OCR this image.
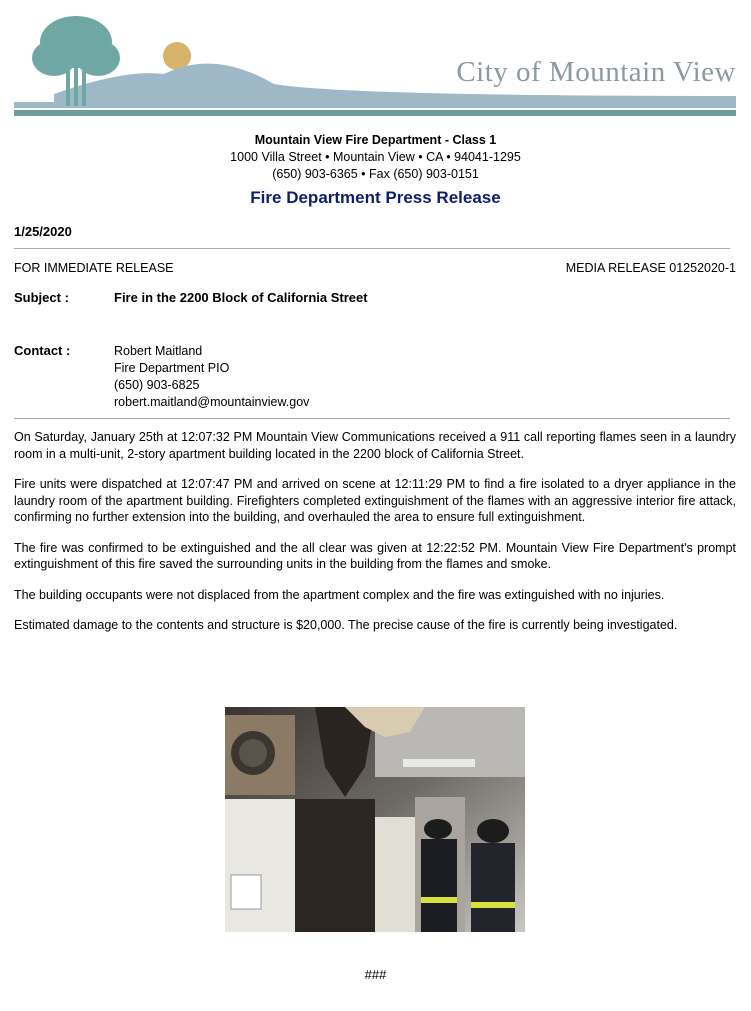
City of Mountain View
Mountain View Fire Department - Class 1
1000 Villa Street • Mountain View • CA • 94041-1295
(650) 903-6365 • Fax (650) 903-0151
Fire Department Press Release
1/25/2020
FOR IMMEDIATE RELEASE	MEDIA RELEASE 01252020-1
Subject :	Fire in the 2200 Block of California Street
Contact :	Robert Maitland
Fire Department PIO
(650) 903-6825
robert.maitland@mountainview.gov

On Saturday, January 25th at 12:07:32 PM Mountain View Communications received a 911 call reporting flames seen in a laundry room in a multi-unit, 2-story apartment building located in the 2200 block of California Street.

Fire units were dispatched at 12:07:47 PM and arrived on scene at 12:11:29 PM to find a fire isolated to a dryer appliance in the laundry room of the apartment building. Firefighters completed extinguishment of the flames with an aggressive interior fire attack, confirming no further extension into the building, and overhauled the area to ensure full extinguishment.

The fire was confirmed to be extinguished and the all clear was given at 12:22:52 PM. Mountain View Fire Department's prompt extinguishment of this fire saved the surrounding units in the building from the flames and smoke.

The building occupants were not displaced from the apartment complex and the fire was extinguished with no injuries.

Estimated damage to the contents and structure is $20,000. The precise cause of the fire is currently being investigated.

###
